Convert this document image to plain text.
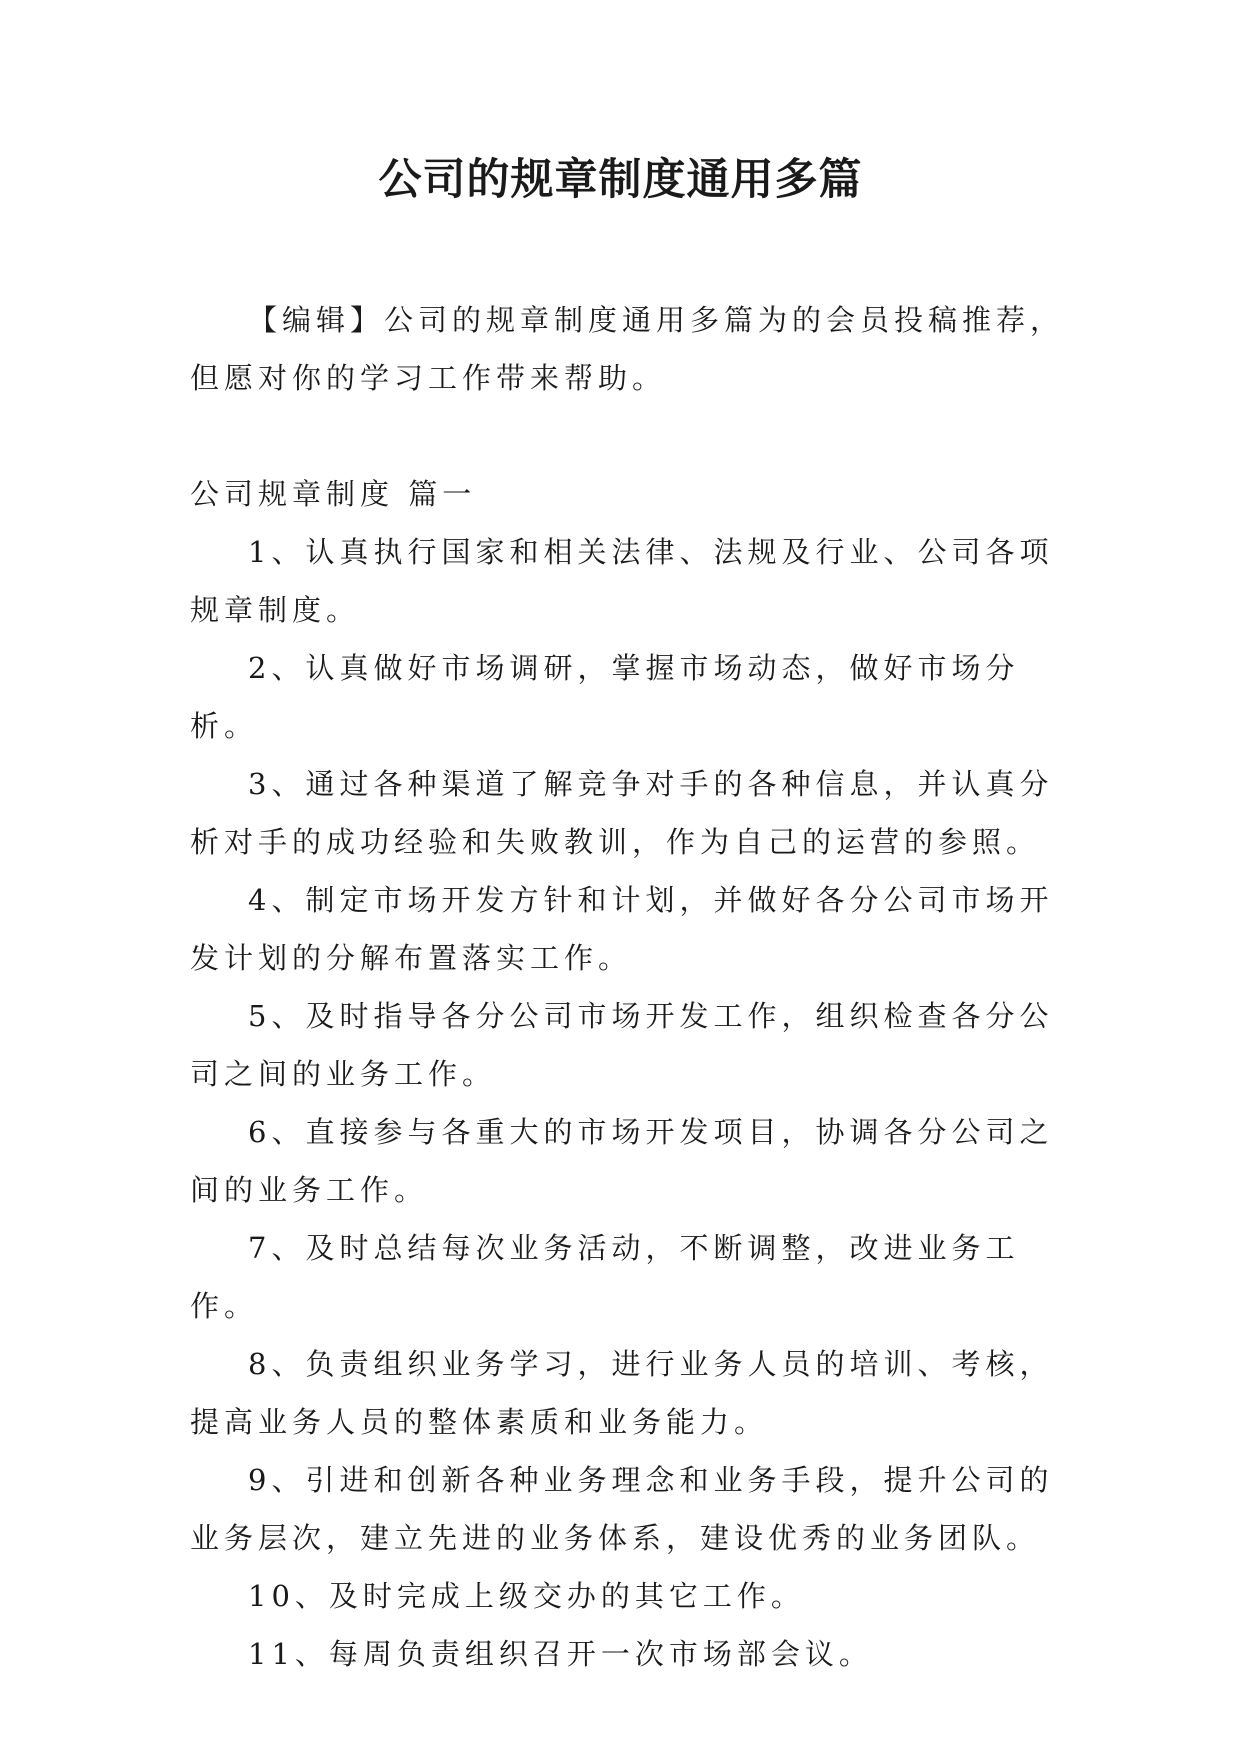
公司的规章制度通用多篇

【编辑】公司的规章制度通用多篇为的会员投稿推荐，但愿对你的学习工作带来帮助。

公司规章制度 篇一

1、认真执行国家和相关法律、法规及行业、公司各项规章制度。

2、认真做好市场调研，掌握市场动态，做好市场分析。

3、通过各种渠道了解竞争对手的各种信息，并认真分析对手的成功经验和失败教训，作为自己的运营的参照。

4、制定市场开发方针和计划，并做好各分公司市场开发计划的分解布置落实工作。

5、及时指导各分公司市场开发工作，组织检查各分公司之间的业务工作。

6、直接参与各重大的市场开发项目，协调各分公司之间的业务工作。

7、及时总结每次业务活动，不断调整，改进业务工作。

8、负责组织业务学习，进行业务人员的培训、考核，提高业务人员的整体素质和业务能力。

9、引进和创新各种业务理念和业务手段，提升公司的业务层次，建立先进的业务体系，建设优秀的业务团队。

10、及时完成上级交办的其它工作。

11、每周负责组织召开一次市场部会议。
